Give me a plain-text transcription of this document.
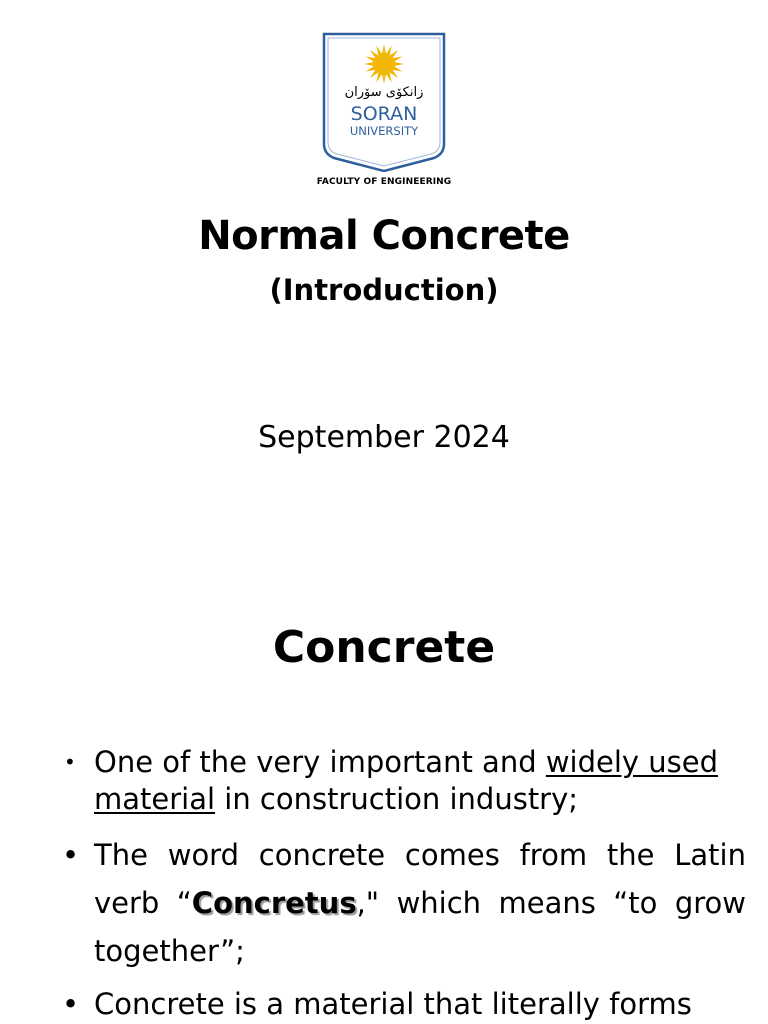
زانكۆی سۆران
SORAN
UNIVERSITY
FACULTY OF ENGINEERING
Normal Concrete
(Introduction)
September 2024
Concrete
• One of the very important and widely used material in construction industry;
• The word concrete comes from the Latin verb “Concretus," which means “to grow together”;
• Concrete is a material that literally forms
